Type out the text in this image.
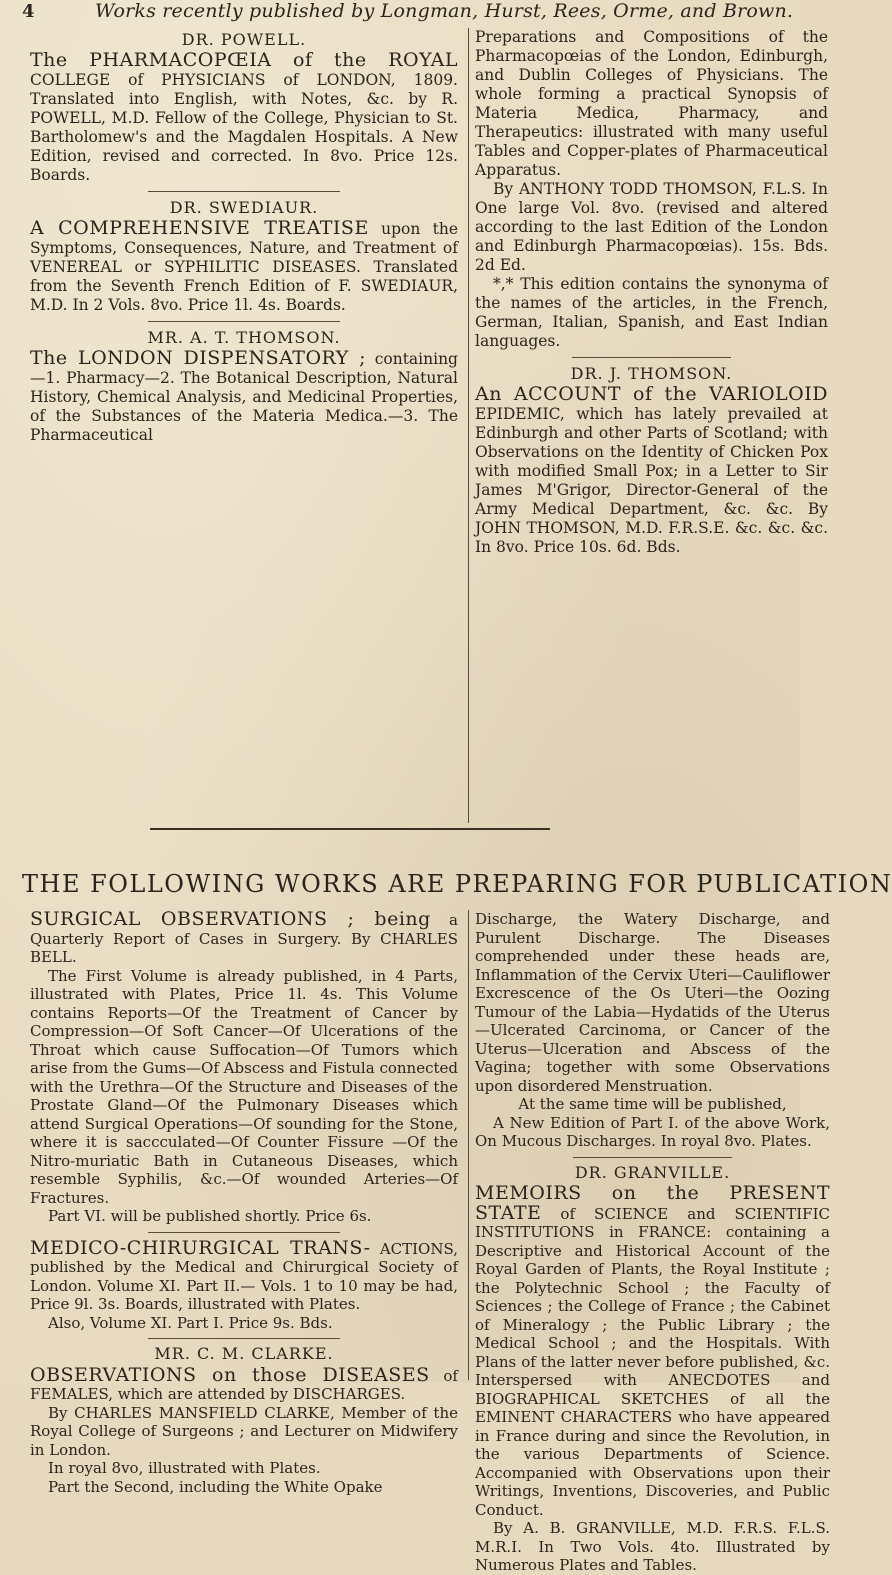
4	Works recently published by Longman, Hurst, Rees, Orme, and Brown.
DR. POWELL.

The PHARMACOPŒIA of the ROYAL COLLEGE of PHYSICIANS of LONDON, 1809. Translated into English, with Notes, &c. by R. POWELL, M.D. Fellow of the College, Physician to St. Bartholomew's and the Magdalen Hospitals. A New Edition, revised and corrected. In 8vo. Price 12s. Boards.

DR. SWEDIAUR.

A COMPREHENSIVE TREATISE upon the Symptoms, Consequences, Nature, and Treatment of VENEREAL or SYPHILITIC DISEASES. Translated from the Seventh French Edition of F. SWEDIAUR, M.D. In 2 Vols. 8vo. Price 1l. 4s. Boards.

MR. A. T. THOMSON.

The LONDON DISPENSATORY ; containing—1. Pharmacy—2. The Botanical Description, Natural History, Chemical Analysis, and Medicinal Properties, of the Substances of the Materia Medica.—3. The Pharmaceutical

Preparations and Compositions of the Pharmacopœias of the London, Edinburgh, and Dublin Colleges of Physicians. The whole forming a practical Synopsis of Materia Medica, Pharmacy, and Therapeutics: illustrated with many useful Tables and Copper-plates of Pharmaceutical Apparatus.

By ANTHONY TODD THOMSON, F.L.S. In One large Vol. 8vo. (revised and altered according to the last Edition of the London and Edinburgh Pharmacopœias). 15s. Bds. 2d Ed.

*,* This edition contains the synonyma of the names of the articles, in the French, German, Italian, Spanish, and East Indian languages.

DR. J. THOMSON.

An ACCOUNT of the VARIOLOID EPIDEMIC, which has lately prevailed at Edinburgh and other Parts of Scotland; with Observations on the Identity of Chicken Pox with modified Small Pox; in a Letter to Sir James M'Grigor, Director-General of the Army Medical Department, &c. &c. By JOHN THOMSON, M.D. F.R.S.E. &c. &c. &c. In 8vo. Price 10s. 6d. Bds.

THE FOLLOWING WORKS ARE PREPARING FOR PUBLICATION

SURGICAL OBSERVATIONS ; being a Quarterly Report of Cases in Surgery. By CHARLES BELL.

The First Volume is already published, in 4 Parts, illustrated with Plates, Price 1l. 4s. This Volume contains Reports—Of the Treatment of Cancer by Compression—Of Soft Cancer—Of Ulcerations of the Throat which cause Suffocation—Of Tumors which arise from the Gums—Of Abscess and Fistula connected with the Urethra—Of the Structure and Diseases of the Prostate Gland—Of the Pulmonary Diseases which attend Surgical Operations—Of sounding for the Stone, where it is saccculated—Of Counter Fissure —Of the Nitro-muriatic Bath in Cutaneous Diseases, which resemble Syphilis, &c.—Of wounded Arteries—Of Fractures.

Part VI. will be published shortly. Price 6s.

MEDICO-CHIRURGICAL TRANS- ACTIONS, published by the Medical and Chirurgical Society of London. Volume XI. Part II.— Vols. 1 to 10 may be had, Price 9l. 3s. Boards, illustrated with Plates.

Also, Volume XI. Part I. Price 9s. Bds.

MR. C. M. CLARKE.

OBSERVATIONS on those DISEASES of FEMALES, which are attended by DISCHARGES.

By CHARLES MANSFIELD CLARKE, Member of the Royal College of Surgeons ; and Lecturer on Midwifery in London.

In royal 8vo, illustrated with Plates.

Part the Second, including the White Opake

Discharge, the Watery Discharge, and Purulent Discharge. The Diseases comprehended under these heads are, Inflammation of the Cervix Uteri—Cauliflower Excrescence of the Os Uteri—the Oozing Tumour of the Labia—Hydatids of the Uterus—Ulcerated Carcinoma, or Cancer of the Uterus—Ulceration and Abscess of the Vagina; together with some Observations upon disordered Menstruation.

At the same time will be published,

A New Edition of Part I. of the above Work, On Mucous Discharges. In royal 8vo. Plates.

DR. GRANVILLE.

MEMOIRS on the PRESENT STATE of SCIENCE and SCIENTIFIC INSTITUTIONS in FRANCE: containing a Descriptive and Historical Account of the Royal Garden of Plants, the Royal Institute ; the Polytechnic School ; the Faculty of Sciences ; the College of France ; the Cabinet of Mineralogy ; the Public Library ; the Medical School ; and the Hospitals. With Plans of the latter never before published, &c. Interspersed with ANECDOTES and BIOGRAPHICAL SKETCHES of all the EMINENT CHARACTERS who have appeared in France during and since the Revolution, in the various Departments of Science. Accompanied with Observations upon their Writings, Inventions, Discoveries, and Public Conduct.

By A. B. GRANVILLE, M.D. F.R.S. F.L.S. M.R.I. In Two Vols. 4to. Illustrated by Numerous Plates and Tables.
